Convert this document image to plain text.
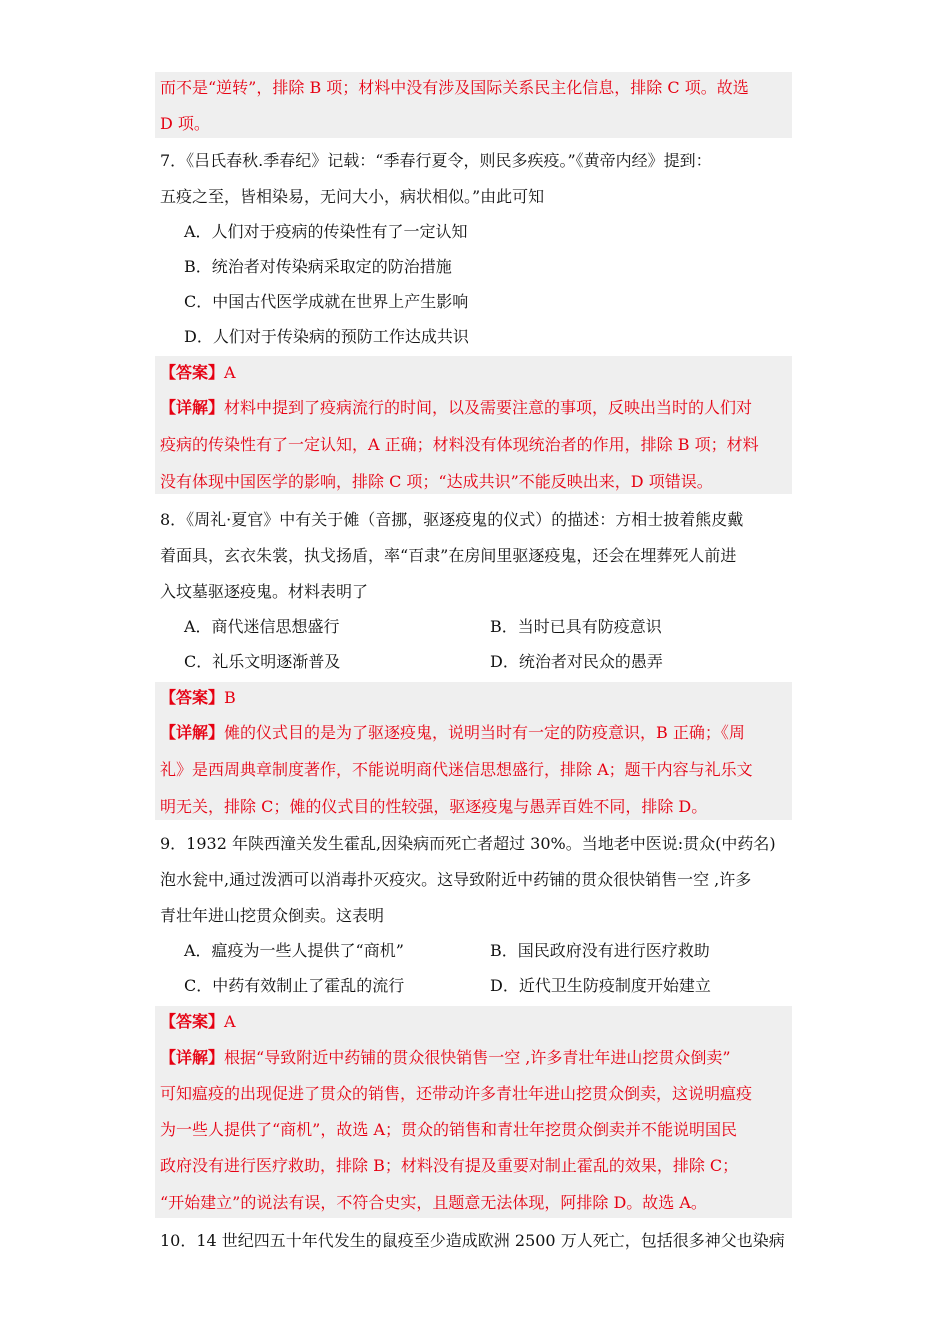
而不是“逆转”，排除 B 项；材料中没有涉及国际关系民主化信息，排除 C 项。故选
D 项。
7．《吕氏春秋.季春纪》记载：“季春行夏令，则民多疾疫。”《黄帝内经》提到：
五疫之至，皆相染易，无问大小，病状相似。”由此可知
A．人们对于疫病的传染性有了一定认知
B．统治者对传染病采取定的防治措施
C．中国古代医学成就在世界上产生影响
D．人们对于传染病的预防工作达成共识
【答案】A
【详解】材料中提到了疫病流行的时间，以及需要注意的事项，反映出当时的人们对
疫病的传染性有了一定认知，A 正确；材料没有体现统治者的作用，排除 B 项；材料
没有体现中国医学的影响，排除 C 项；“达成共识”不能反映出来，D 项错误。
8．《周礼·夏官》中有关于傩（音挪，驱逐疫鬼的仪式）的描述：方相士披着熊皮戴
着面具，玄衣朱裳，执戈扬盾，率“百隶”在房间里驱逐疫鬼，还会在埋葬死人前进
入坟墓驱逐疫鬼。材料表明了
A．商代迷信思想盛行	B．当时已具有防疫意识
C．礼乐文明逐渐普及	D．统治者对民众的愚弄
【答案】B
【详解】傩的仪式目的是为了驱逐疫鬼，说明当时有一定的防疫意识，B 正确；《周
礼》是西周典章制度著作，不能说明商代迷信思想盛行，排除 A；题干内容与礼乐文
明无关，排除 C；傩的仪式目的性较强，驱逐疫鬼与愚弄百姓不同，排除 D。
9．1932 年陕西潼关发生霍乱,因染病而死亡者超过 30%。当地老中医说:贯众(中药名)
泡水瓮中,通过泼洒可以消毒扑灭疫灾。这导致附近中药铺的贯众很快销售一空 ,许多
青壮年进山挖贯众倒卖。这表明
A．瘟疫为一些人提供了“商机”	B．国民政府没有进行医疗救助
C．中药有效制止了霍乱的流行	D．近代卫生防疫制度开始建立
【答案】A
【详解】根据“导致附近中药铺的贯众很快销售一空 ,许多青壮年进山挖贯众倒卖”
可知瘟疫的出现促进了贯众的销售，还带动许多青壮年进山挖贯众倒卖，这说明瘟疫
为一些人提供了“商机”，故选 A；贯众的销售和青壮年挖贯众倒卖并不能说明国民
政府没有进行医疗救助，排除 B；材料没有提及重要对制止霍乱的效果，排除 C；
“开始建立”的说法有误，不符合史实，且题意无法体现，阿排除 D。故选 A。
10．14 世纪四五十年代发生的鼠疫至少造成欧洲 2500 万人死亡，包括很多神父也染病
